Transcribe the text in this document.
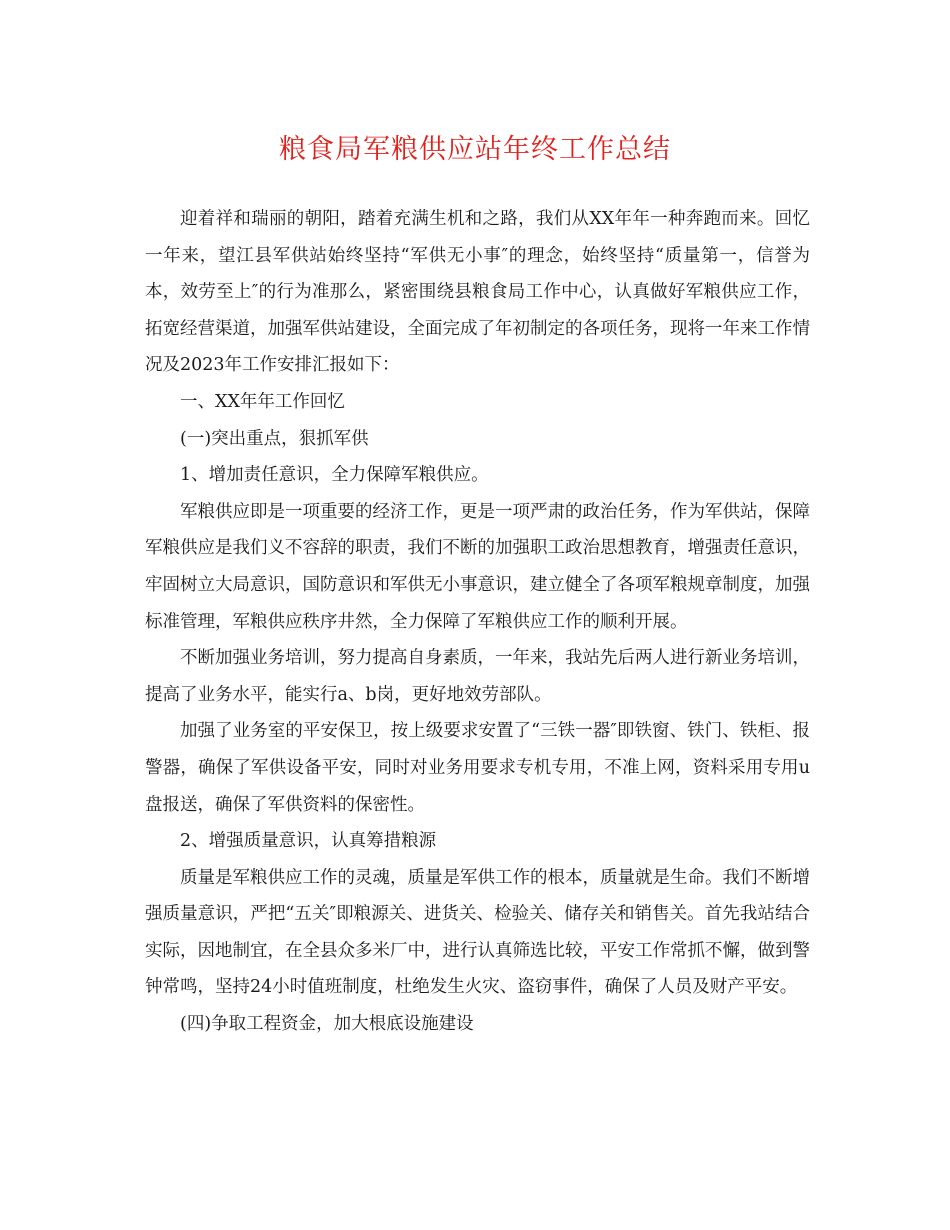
粮食局军粮供应站年终工作总结

迎着祥和瑞丽的朝阳，踏着充满生机和之路，我们从XX年年一种奔跑而来。回忆一年来，望江县军供站始终坚持“军供无小事″的理念，始终坚持“质量第一，信誉为本，效劳至上″的行为准那么，紧密围绕县粮食局工作中心，认真做好军粮供应工作，拓宽经营渠道，加强军供站建设，全面完成了年初制定的各项任务，现将一年来工作情况及2023年工作安排汇报如下：

一、XX年年工作回忆

(一)突出重点，狠抓军供

1、增加责任意识，全力保障军粮供应。

军粮供应即是一项重要的经济工作，更是一项严肃的政治任务，作为军供站，保障军粮供应是我们义不容辞的职责，我们不断的加强职工政治思想教育，增强责任意识，牢固树立大局意识，国防意识和军供无小事意识，建立健全了各项军粮规章制度，加强标准管理，军粮供应秩序井然，全力保障了军粮供应工作的顺利开展。

不断加强业务培训，努力提高自身素质，一年来，我站先后两人进行新业务培训，提高了业务水平，能实行a、b岗，更好地效劳部队。

加强了业务室的平安保卫，按上级要求安置了“三铁一器″即铁窗、铁门、铁柜、报警器，确保了军供设备平安，同时对业务用要求专机专用，不准上网，资料采用专用u盘报送，确保了军供资料的保密性。

2、增强质量意识，认真筹措粮源

质量是军粮供应工作的灵魂，质量是军供工作的根本，质量就是生命。我们不断增强质量意识，严把“五关″即粮源关、进货关、检验关、储存关和销售关。首先我站结合实际，因地制宜，在全县众多米厂中，进行认真筛选比较，平安工作常抓不懈，做到警钟常鸣，坚持24小时值班制度，杜绝发生火灾、盗窃事件，确保了人员及财产平安。

(四)争取工程资金，加大根底设施建设
